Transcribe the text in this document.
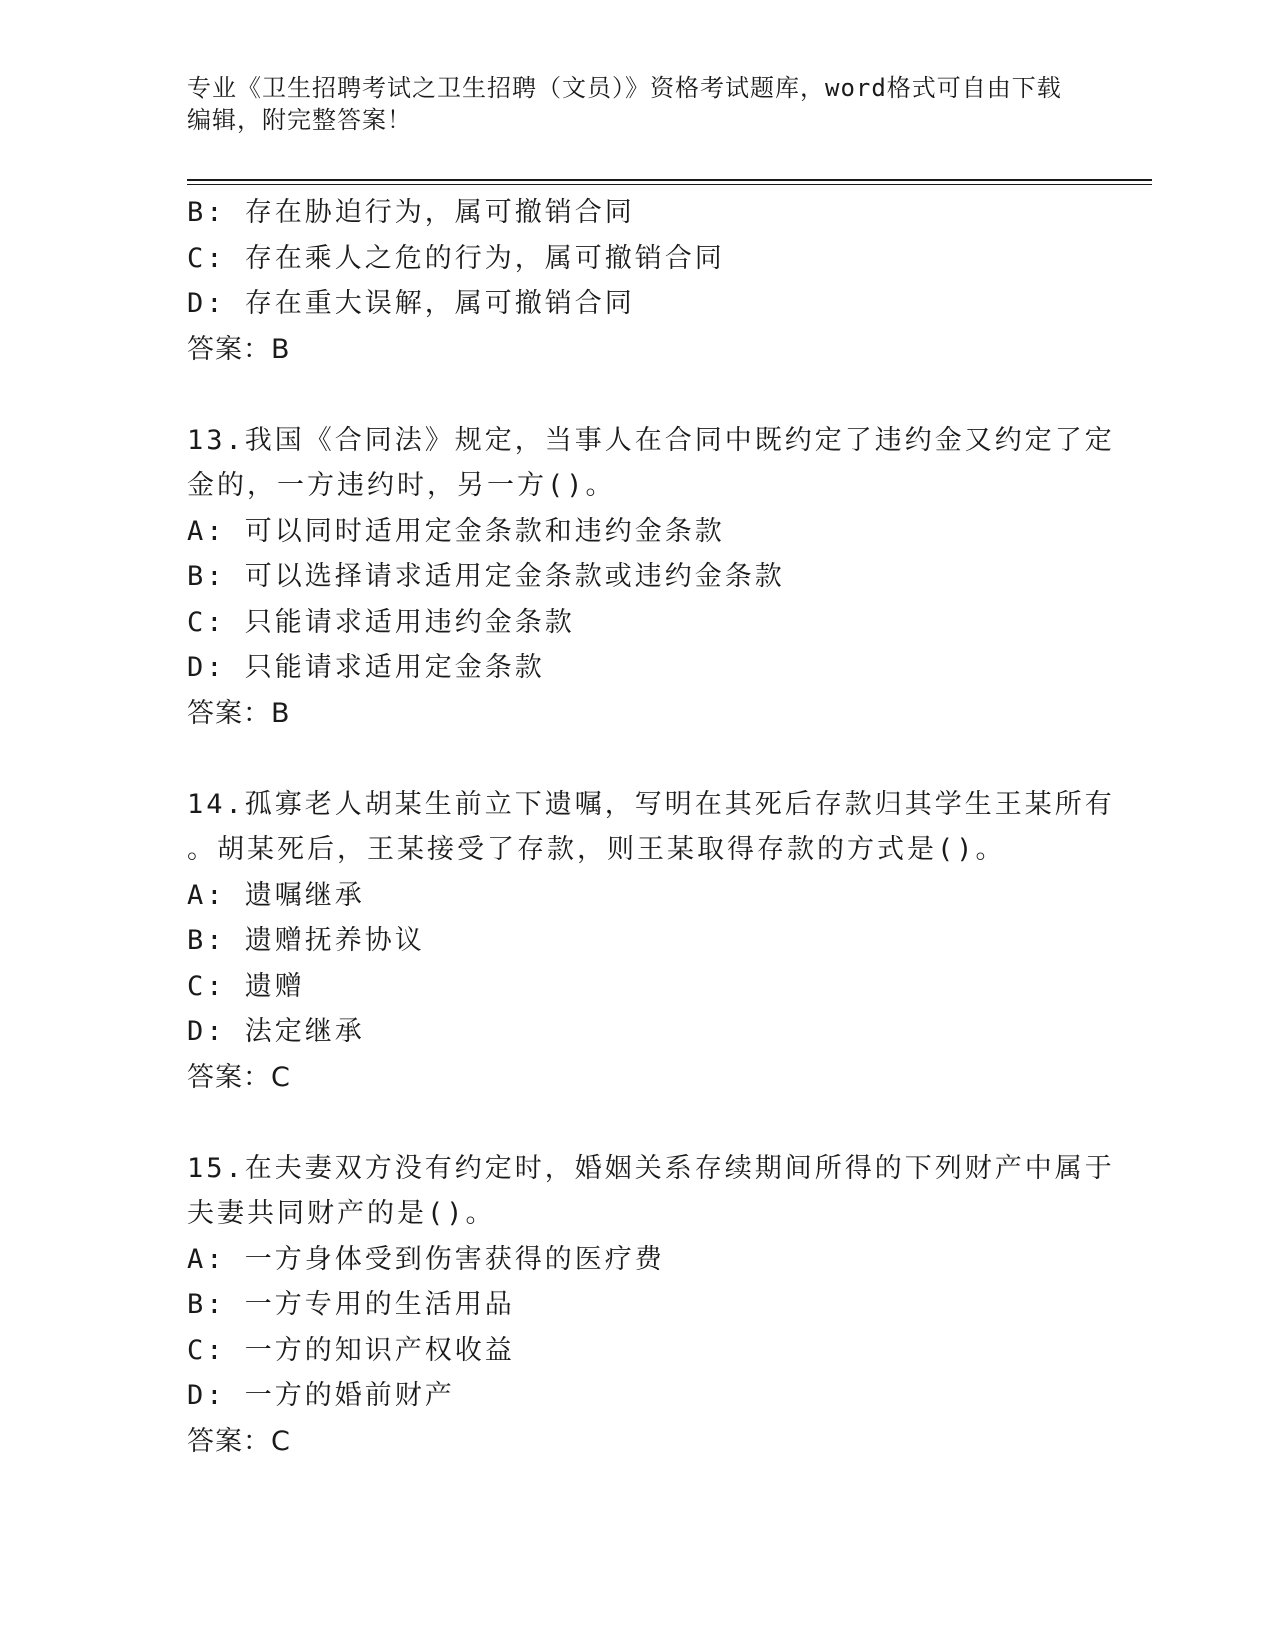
专业《卫生招聘考试之卫生招聘（文员）》资格考试题库，word格式可自由下载
编辑，附完整答案！
B: 存在胁迫行为，属可撤销合同
C: 存在乘人之危的行为，属可撤销合同
D: 存在重大误解，属可撤销合同
答案：B
13.我国《合同法》规定，当事人在合同中既约定了违约金又约定了定
金的，一方违约时，另一方()。
A: 可以同时适用定金条款和违约金条款
B: 可以选择请求适用定金条款或违约金条款
C: 只能请求适用违约金条款
D: 只能请求适用定金条款
答案：B
14.孤寡老人胡某生前立下遗嘱，写明在其死后存款归其学生王某所有
。胡某死后，王某接受了存款，则王某取得存款的方式是()。
A: 遗嘱继承
B: 遗赠抚养协议
C: 遗赠
D: 法定继承
答案：C
15.在夫妻双方没有约定时，婚姻关系存续期间所得的下列财产中属于
夫妻共同财产的是()。
A: 一方身体受到伤害获得的医疗费
B: 一方专用的生活用品
C: 一方的知识产权收益
D: 一方的婚前财产
答案：C
